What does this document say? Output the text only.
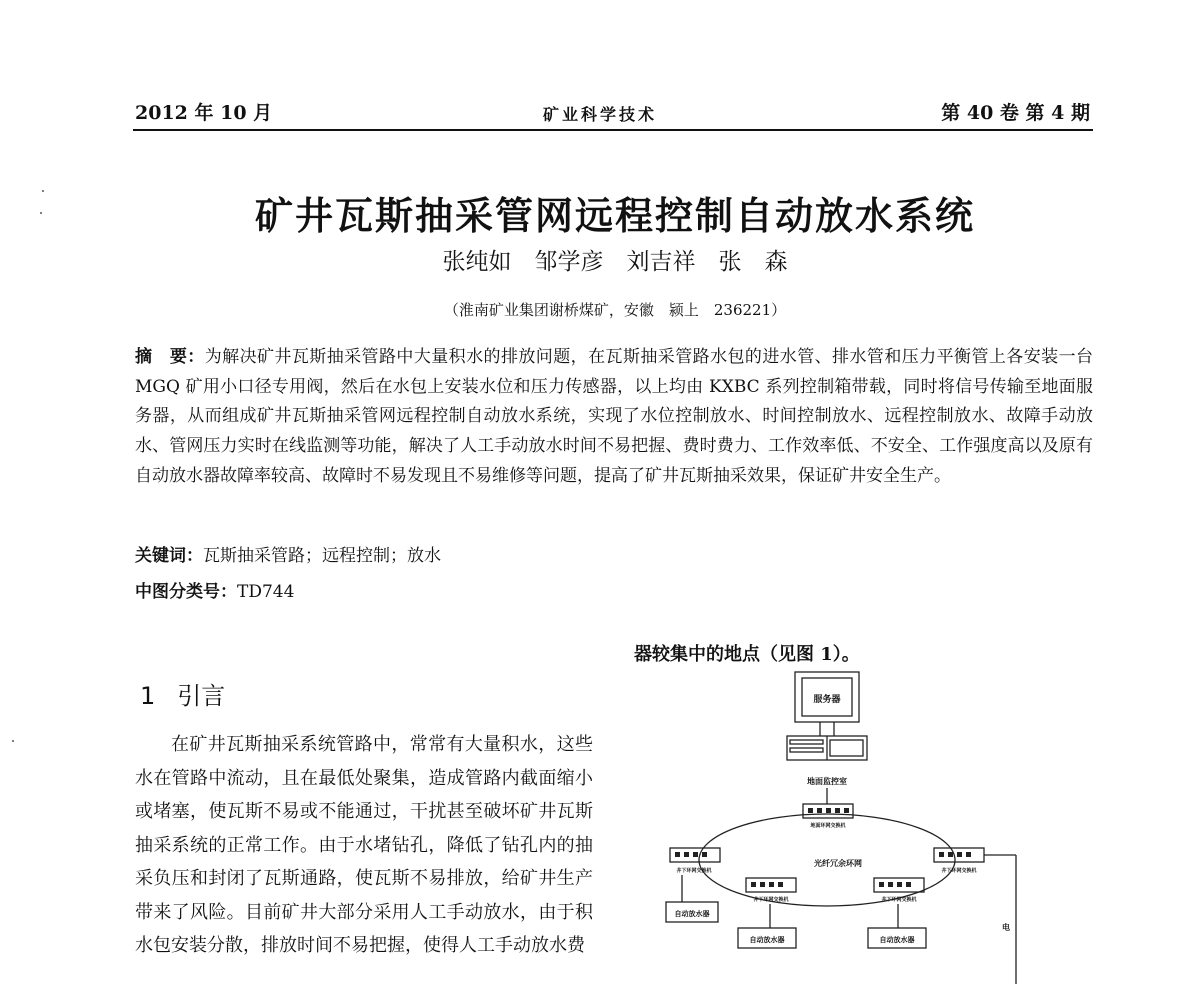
2012 年 10 月	矿业科学技术	第 40 卷 第 4 期
矿井瓦斯抽采管网远程控制自动放水系统
张纯如　邹学彦　刘吉祥　张　森
（淮南矿业集团谢桥煤矿，安徽　颍上　236221）
摘　要：为解决矿井瓦斯抽采管路中大量积水的排放问题，在瓦斯抽采管路水包的进水管、排水管和压力平衡管上各安装一台 MGQ 矿用小口径专用阀，然后在水包上安装水位和压力传感器，以上均由 KXBC 系列控制箱带载，同时将信号传输至地面服务器，从而组成矿井瓦斯抽采管网远程控制自动放水系统，实现了水位控制放水、时间控制放水、远程控制放水、故障手动放水、管网压力实时在线监测等功能，解决了人工手动放水时间不易把握、费时费力、工作效率低、不安全、工作强度高以及原有自动放水器故障率较高、故障时不易发现且不易维修等问题，提高了矿井瓦斯抽采效果，保证矿井安全生产。
关键词：瓦斯抽采管路；远程控制；放水
中图分类号：TD744
1 引言

在矿井瓦斯抽采系统管路中，常常有大量积水，这些水在管路中流动，且在最低处聚集，造成管路内截面缩小或堵塞，使瓦斯不易或不能通过，干扰甚至破坏矿井瓦斯抽采系统的正常工作。由于水堵钻孔，降低了钻孔内的抽采负压和封闭了瓦斯通路，使瓦斯不易排放，给矿井生产带来了风险。目前矿井大部分采用人工手动放水，由于积水包安装分散，排放时间不易把握，使得人工手动放水费

器较集中的地点（见图 1）。
服务器
地面监控室
地面环网交换机
光纤冗余环网
井下环网交换机
井下环网交换机	井下环网交换机
井下环网交换机
自动放水器
自动放水器	自动放水器
电
